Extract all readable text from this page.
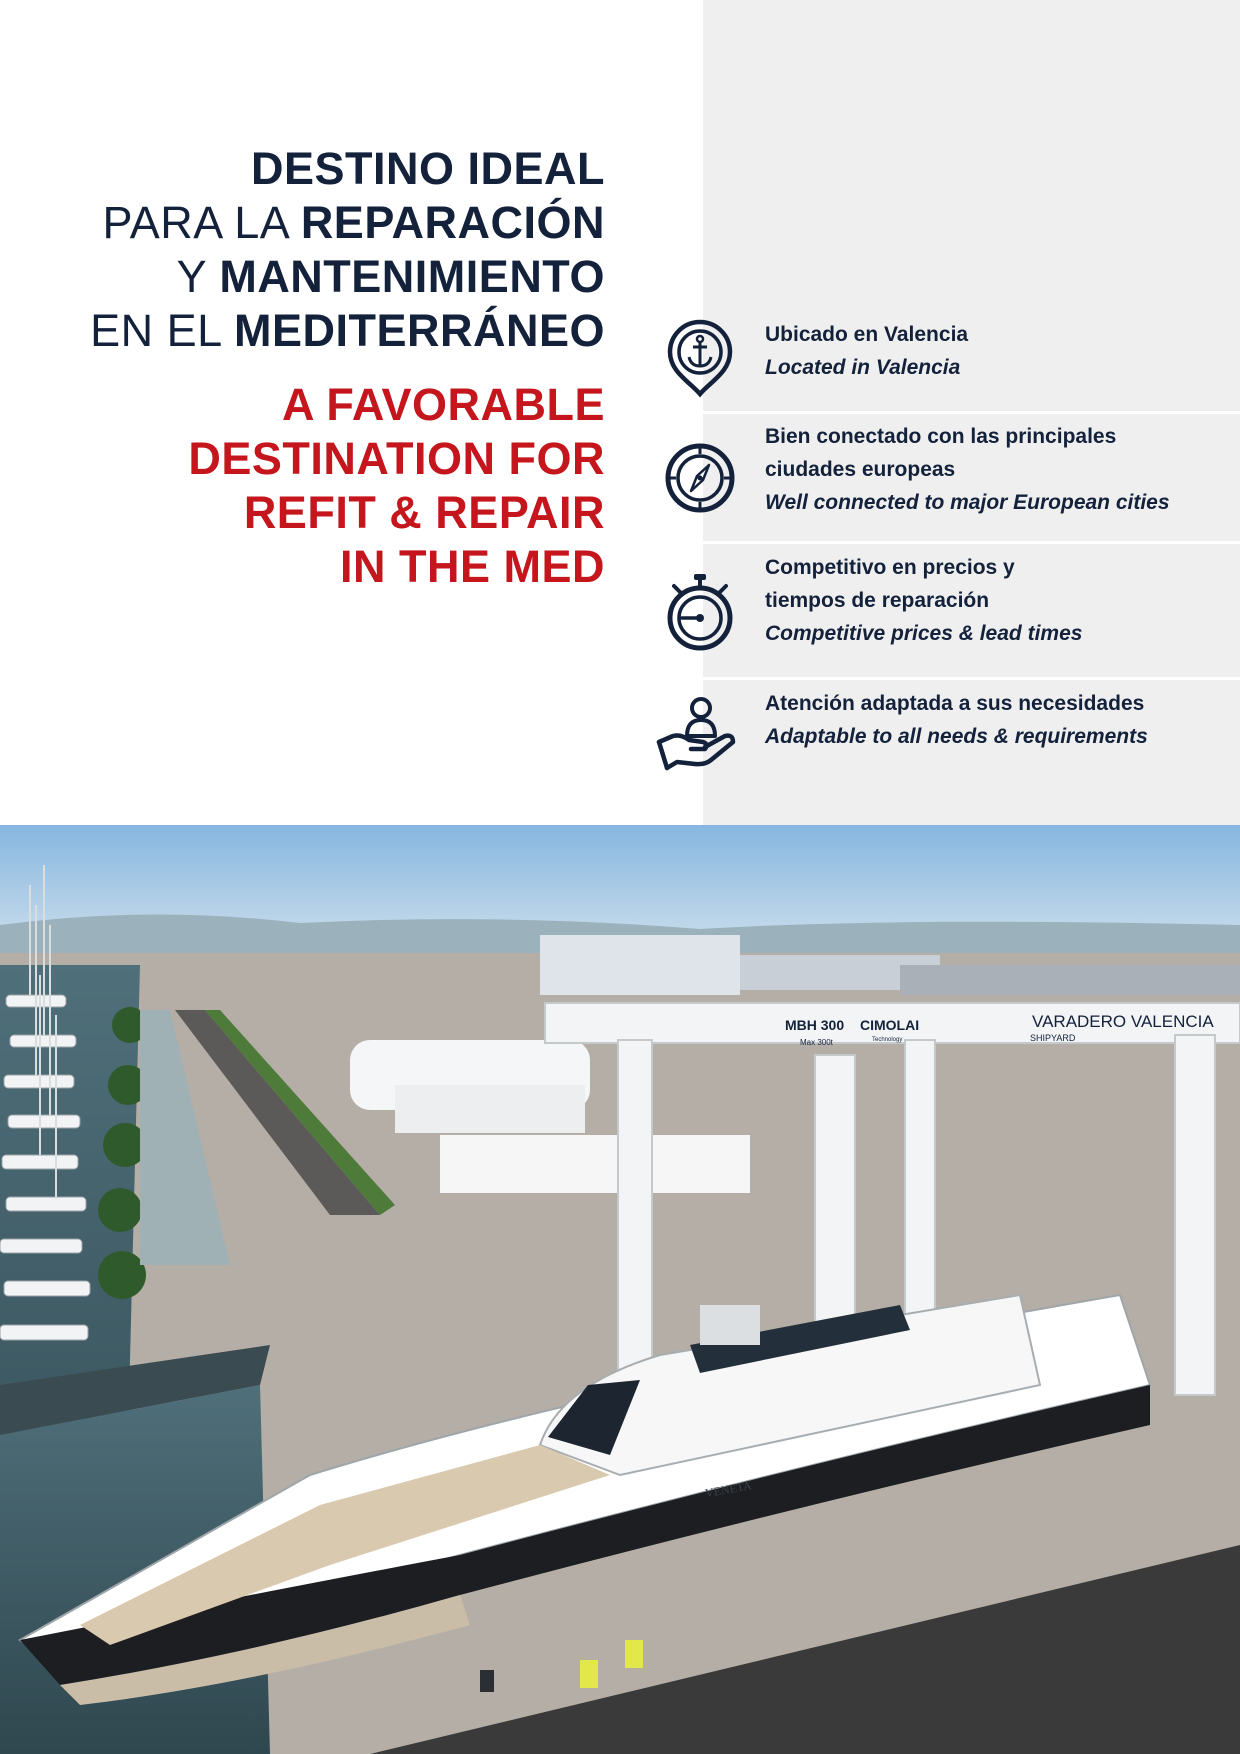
DESTINO IDEAL
PARA LA REPARACIÓN
Y MANTENIMIENTO
EN EL MEDITERRÁNEO
A FAVORABLE
DESTINATION FOR
REFIT & REPAIR
IN THE MED
Ubicado en Valencia
Located in Valencia
Bien conectado con las principales
ciudades europeas
Well connected to major European cities
Competitivo en precios y
tiempos de reparación
Competitive prices & lead times
Atención adaptada a sus necesidades
Adaptable to all needs & requirements
MBH 300
Max 300t
CIMOLAI
Technology
VARADERO VALENCIA
SHIPYARD
VENETA
